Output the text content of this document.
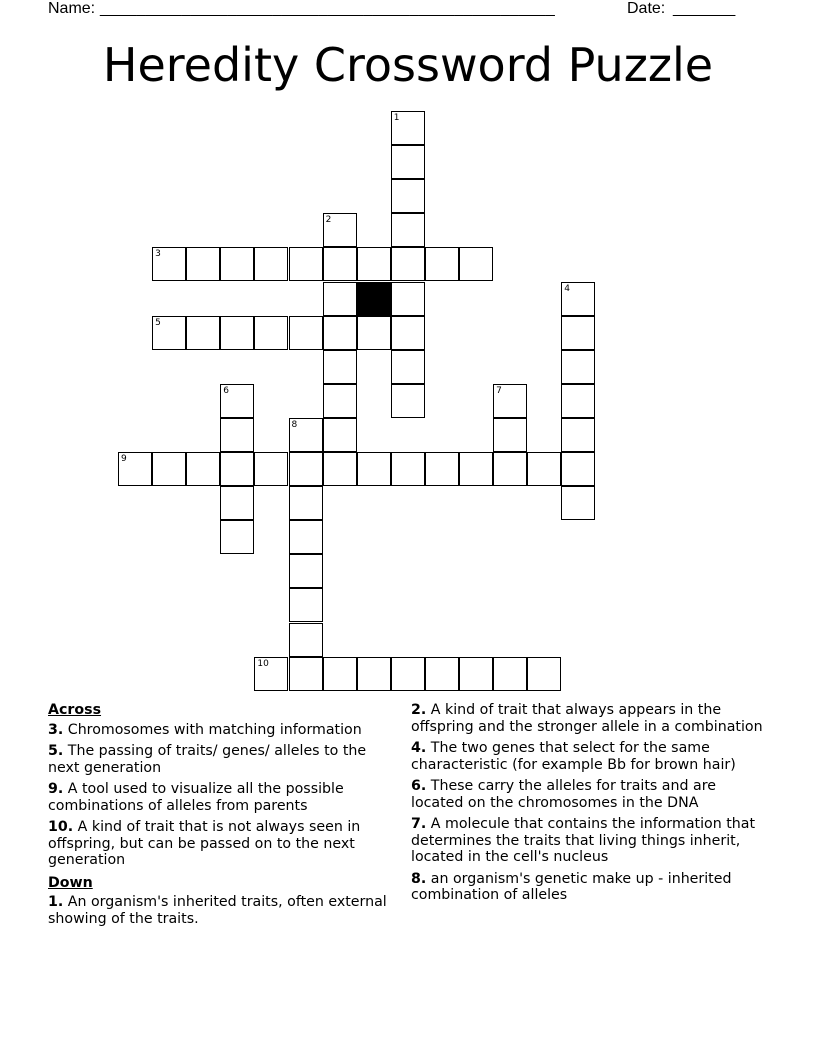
Name: __________________________________________________	Date: _______
Heredity Crossword Puzzle
1
2
3
4
5
6	7
8
9
10
Across
3. Chromosomes with matching information
5. The passing of traits/ genes/ alleles to the next generation
9. A tool used to visualize all the possible combinations of alleles from parents
10. A kind of trait that is not always seen in offspring, but can be passed on to the next generation
Down
1. An organism's inherited traits, often external showing of the traits.
2. A kind of trait that always appears in the offspring and the stronger allele in a combination
4. The two genes that select for the same characteristic (for example Bb for brown hair)
6. These carry the alleles for traits and are located on the chromosomes in the DNA
7. A molecule that contains the information that determines the traits that living things inherit, located in the cell's nucleus
8. an organism's genetic make up - inherited combination of alleles
